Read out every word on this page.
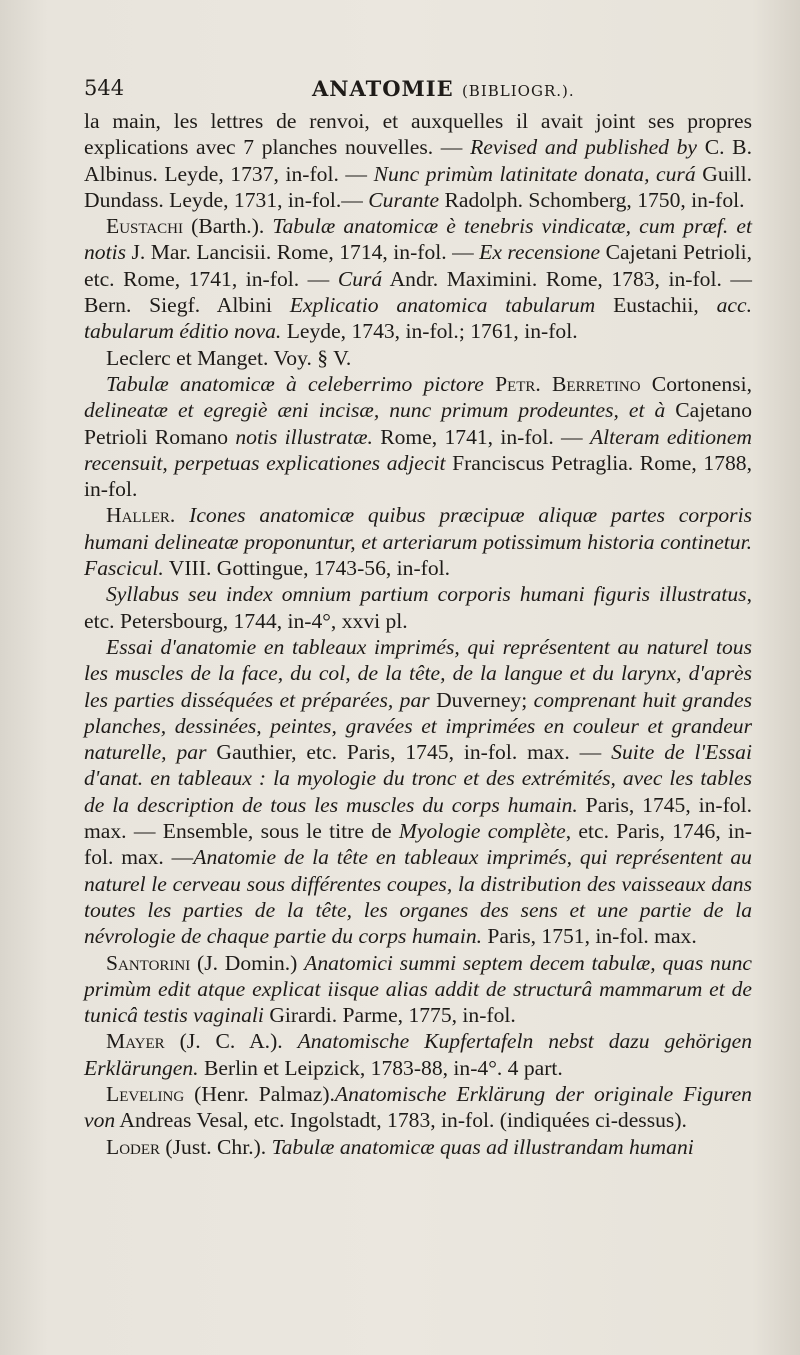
544	ANATOMIE (BIBLIOGR.).
la main, les lettres de renvoi, et auxquelles il avait joint ses propres explications avec 7 planches nouvelles. — Revised and published by C. B. Albinus. Leyde, 1737, in-fol. — Nunc primùm latinitate donata, curá Guill. Dundass. Leyde, 1731, in-fol.— Curante Radolph. Schomberg, 1750, in-fol.
Eustachi (Barth.). Tabulæ anatomicæ è tenebris vindicatæ, cum præf. et notis J. Mar. Lancisii. Rome, 1714, in-fol. — Ex recensione Cajetani Petrioli, etc. Rome, 1741, in-fol. — Curá Andr. Maximini. Rome, 1783, in-fol. —Bern. Siegf. Albini Explicatio anatomica tabularum Eustachii, acc. tabularum éditio nova. Leyde, 1743, in-fol.; 1761, in-fol.
Leclerc et Manget. Voy. § V.
Tabulæ anatomicæ à celeberrimo pictore Petr. Berretino Cortonensi, delineatæ et egregiè æni incisæ, nunc primum prodeuntes, et à Cajetano Petrioli Romano notis illustratæ. Rome, 1741, in-fol. — Alteram editionem recensuit, perpetuas explicationes adjecit Franciscus Petraglia. Rome, 1788, in-fol.
Haller. Icones anatomicæ quibus præcipuæ aliquæ partes corporis humani delineatæ proponuntur, et arteriarum potissimum historia continetur. Fascicul. VIII. Gottingue, 1743-56, in-fol.
Syllabus seu index omnium partium corporis humani figuris illustratus, etc. Petersbourg, 1744, in-4°, xxvi pl.
Essai d'anatomie en tableaux imprimés, qui représentent au naturel tous les muscles de la face, du col, de la tête, de la langue et du larynx, d'après les parties disséquées et préparées, par Duverney; comprenant huit grandes planches, dessinées, peintes, gravées et imprimées en couleur et grandeur naturelle, par Gauthier, etc. Paris, 1745, in-fol. max. — Suite de l'Essai d'anat. en tableaux : la myologie du tronc et des extrémités, avec les tables de la description de tous les muscles du corps humain. Paris, 1745, in-fol. max. — Ensemble, sous le titre de Myologie complète, etc. Paris, 1746, in-fol. max. —Anatomie de la tête en tableaux imprimés, qui représentent au naturel le cerveau sous différentes coupes, la distribution des vaisseaux dans toutes les parties de la tête, les organes des sens et une partie de la névrologie de chaque partie du corps humain. Paris, 1751, in-fol. max.
Santorini (J. Domin.) Anatomici summi septem decem tabulæ, quas nunc primùm edit atque explicat iisque alias addit de structurâ mammarum et de tunicâ testis vaginali Girardi. Parme, 1775, in-fol.
Mayer (J. C. A.). Anatomische Kupfertafeln nebst dazu gehörigen Erklärungen. Berlin et Leipzick, 1783-88, in-4°. 4 part.
Leveling (Henr. Palmaz).Anatomische Erklärung der originale Figuren von Andreas Vesal, etc. Ingolstadt, 1783, in-fol. (indiquées ci-dessus).
Loder (Just. Chr.). Tabulæ anatomicæ quas ad illustrandam humani
